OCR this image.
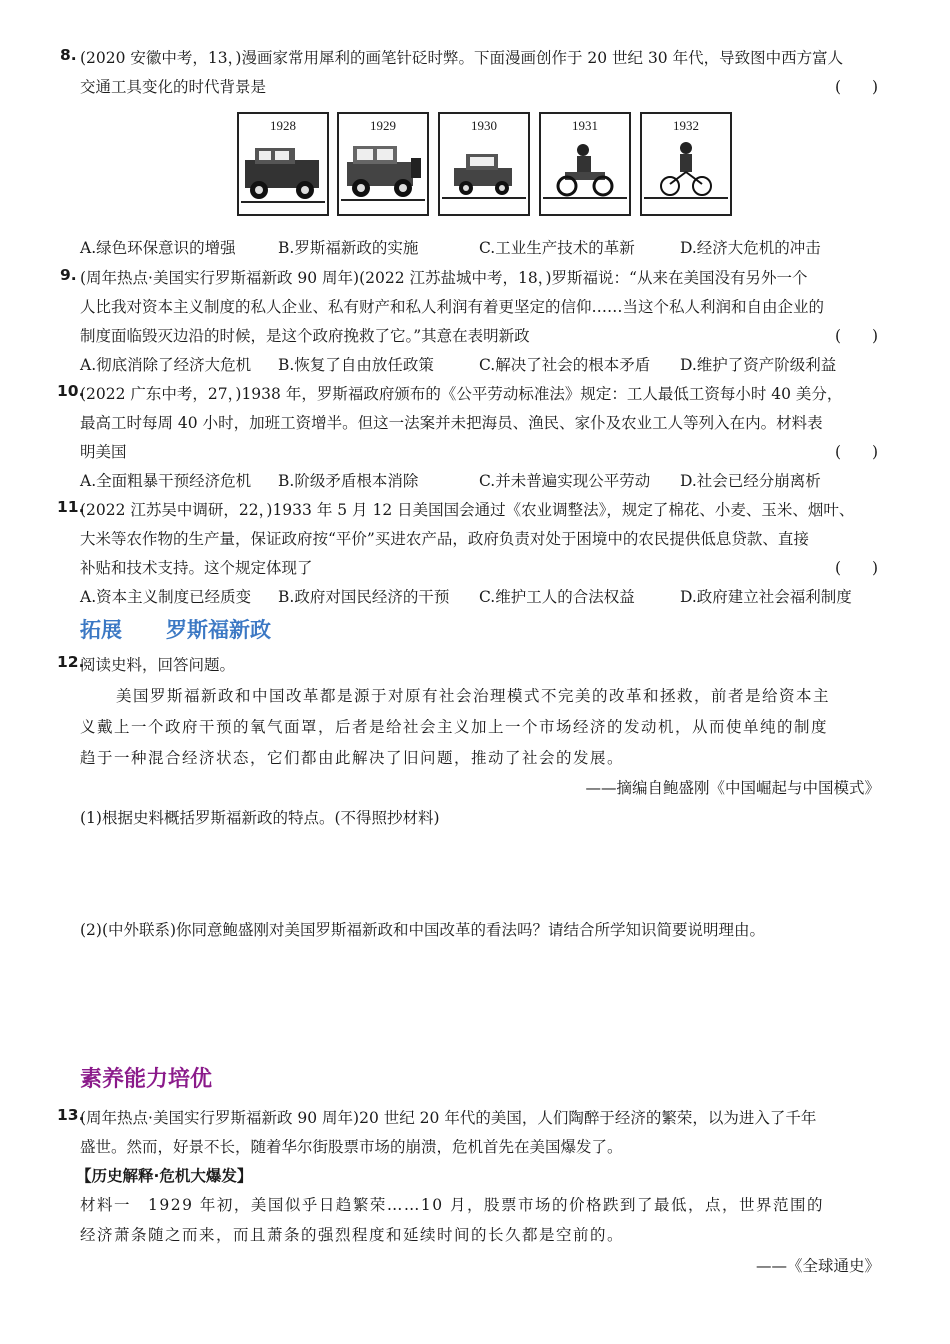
8. (2020 安徽中考，13，)漫画家常用犀利的画笔针砭时弊。下面漫画创作于 20 世纪 30 年代，导致图中西方富人
交通工具变化的时代背景是	(　　)
1928	1929	1930	1931	1932
A.绿色环保意识的增强	B.罗斯福新政的实施	C.工业生产技术的革新	D.经济大危机的冲击
9. (周年热点·美国实行罗斯福新政 90 周年)(2022 江苏盐城中考，18，)罗斯福说：“从来在美国没有另外一个
人比我对资本主义制度的私人企业、私有财产和私人利润有着更坚定的信仰……当这个私人利润和自由企业的
制度面临毁灭边沿的时候，是这个政府挽救了它。”其意在表明新政	(　　)
A.彻底消除了经济大危机 B.恢复了自由放任政策	C.解决了社会的根本矛盾 D.维护了资产阶级利益
10.
(2022 广东中考，27，)1938 年，罗斯福政府颁布的《公平劳动标准法》规定：工人最低工资每小时 40 美分，
最高工时每周 40 小时，加班工资增半。但这一法案并未把海员、渔民、家仆及农业工人等列入在内。材料表
明美国	(　　)
A.全面粗暴干预经济危机 B.阶级矛盾根本消除	C.并未普遍实现公平劳动 D.社会已经分崩离析
11.
(2022 江苏吴中调研，22，)1933 年 5 月 12 日美国国会通过《农业调整法》，规定了棉花、小麦、玉米、烟叶、
大米等农作物的生产量，保证政府按“平价”买进农产品，政府负责对处于困境中的农民提供低息贷款、直接
补贴和技术支持。这个规定体现了	(　　)
A.资本主义制度已经质变 B.政府对国民经济的干预 C.维护工人的合法权益	D.政府建立社会福利制度
拓展 罗斯福新政
12.
阅读史料，回答问题。
美国罗斯福新政和中国改革都是源于对原有社会治理模式不完美的改革和拯救，前者是给资本主
义戴上一个政府干预的氧气面罩，后者是给社会主义加上一个市场经济的发动机，从而使单纯的制度
趋于一种混合经济状态，它们都由此解决了旧问题，推动了社会的发展。
——摘编自鲍盛刚《中国崛起与中国模式》
(1)根据史料概括罗斯福新政的特点。(不得照抄材料)
(2)(中外联系)你同意鲍盛刚对美国罗斯福新政和中国改革的看法吗？请结合所学知识简要说明理由。
素养能力培优
13.
(周年热点·美国实行罗斯福新政 90 周年)20 世纪 20 年代的美国，人们陶醉于经济的繁荣，以为进入了千年
盛世。然而，好景不长，随着华尔街股票市场的崩溃，危机首先在美国爆发了。
【历史解释·危机大爆发】
材料一　1929 年初，美国似乎日趋繁荣……10 月，股票市场的价格跌到了最低，点，世界范围的
经济萧条随之而来，而且萧条的强烈程度和延续时间的长久都是空前的。
——《全球通史》
